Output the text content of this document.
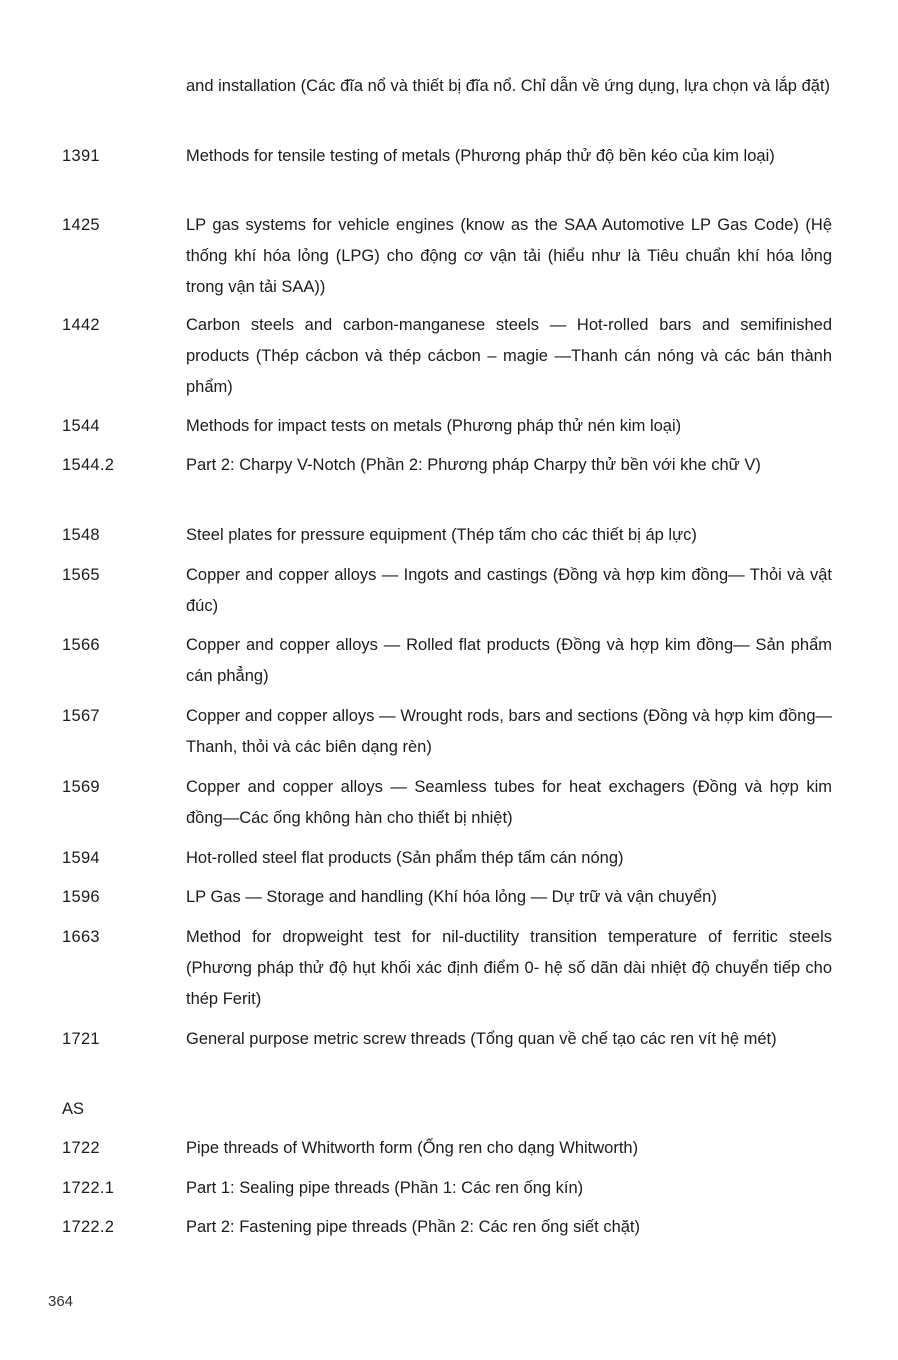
and installation (Các đĩa nổ và thiết bị đĩa nổ. Chỉ dẫn về ứng dụng, lựa chọn và lắp đặt)
1391	Methods for tensile testing of metals (Phương pháp thử độ bền kéo của kim loại)
1425	LP gas systems for vehicle engines (know as the SAA Automotive LP Gas Code) (Hệ thống khí hóa lỏng (LPG) cho động cơ vận tải (hiểu như là Tiêu chuẩn khí hóa lỏng trong vận tải SAA))
1442	Carbon steels and carbon-manganese steels — Hot-rolled bars and semifinished products (Thép cácbon và thép cácbon – magie —Thanh cán nóng và các bán thành phẩm)
1544	Methods for impact tests on metals (Phương pháp thử nén kim loại)
1544.2	Part 2: Charpy V-Notch (Phần 2: Phương pháp Charpy thử bền với khe chữ V)
1548	Steel plates for pressure equipment (Thép tấm cho các thiết bị áp lực)
1565	Copper and copper alloys — Ingots and castings (Đồng và hợp kim đồng— Thỏi và vật đúc)
1566	Copper and copper alloys — Rolled flat products (Đồng và hợp kim đồng— Sản phẩm cán phẳng)
1567	Copper and copper alloys — Wrought rods, bars and sections (Đồng và hợp kim đồng—Thanh, thỏi và các biên dạng rèn)
1569	Copper and copper alloys — Seamless tubes for heat exchagers (Đồng và hợp kim đồng—Các ống không hàn cho thiết bị nhiệt)
1594	Hot-rolled steel flat products (Sản phẩm thép tấm cán nóng)
1596	LP Gas — Storage and handling (Khí hóa lỏng — Dự trữ và vận chuyển)
1663	Method for dropweight test for nil-ductility transition temperature of ferritic steels (Phương pháp thử độ hụt khối xác định điểm 0- hệ số dãn dài nhiệt độ chuyển tiếp cho thép Ferit)
1721	General purpose metric screw threads (Tổng quan về chế tạo các ren vít hệ mét)
AS
1722	Pipe threads of Whitworth form (Ống ren cho dạng Whitworth)
1722.1	Part 1: Sealing pipe threads (Phần 1: Các ren ống kín)
1722.2	Part 2: Fastening pipe threads (Phần 2: Các ren ống siết chặt)
364
